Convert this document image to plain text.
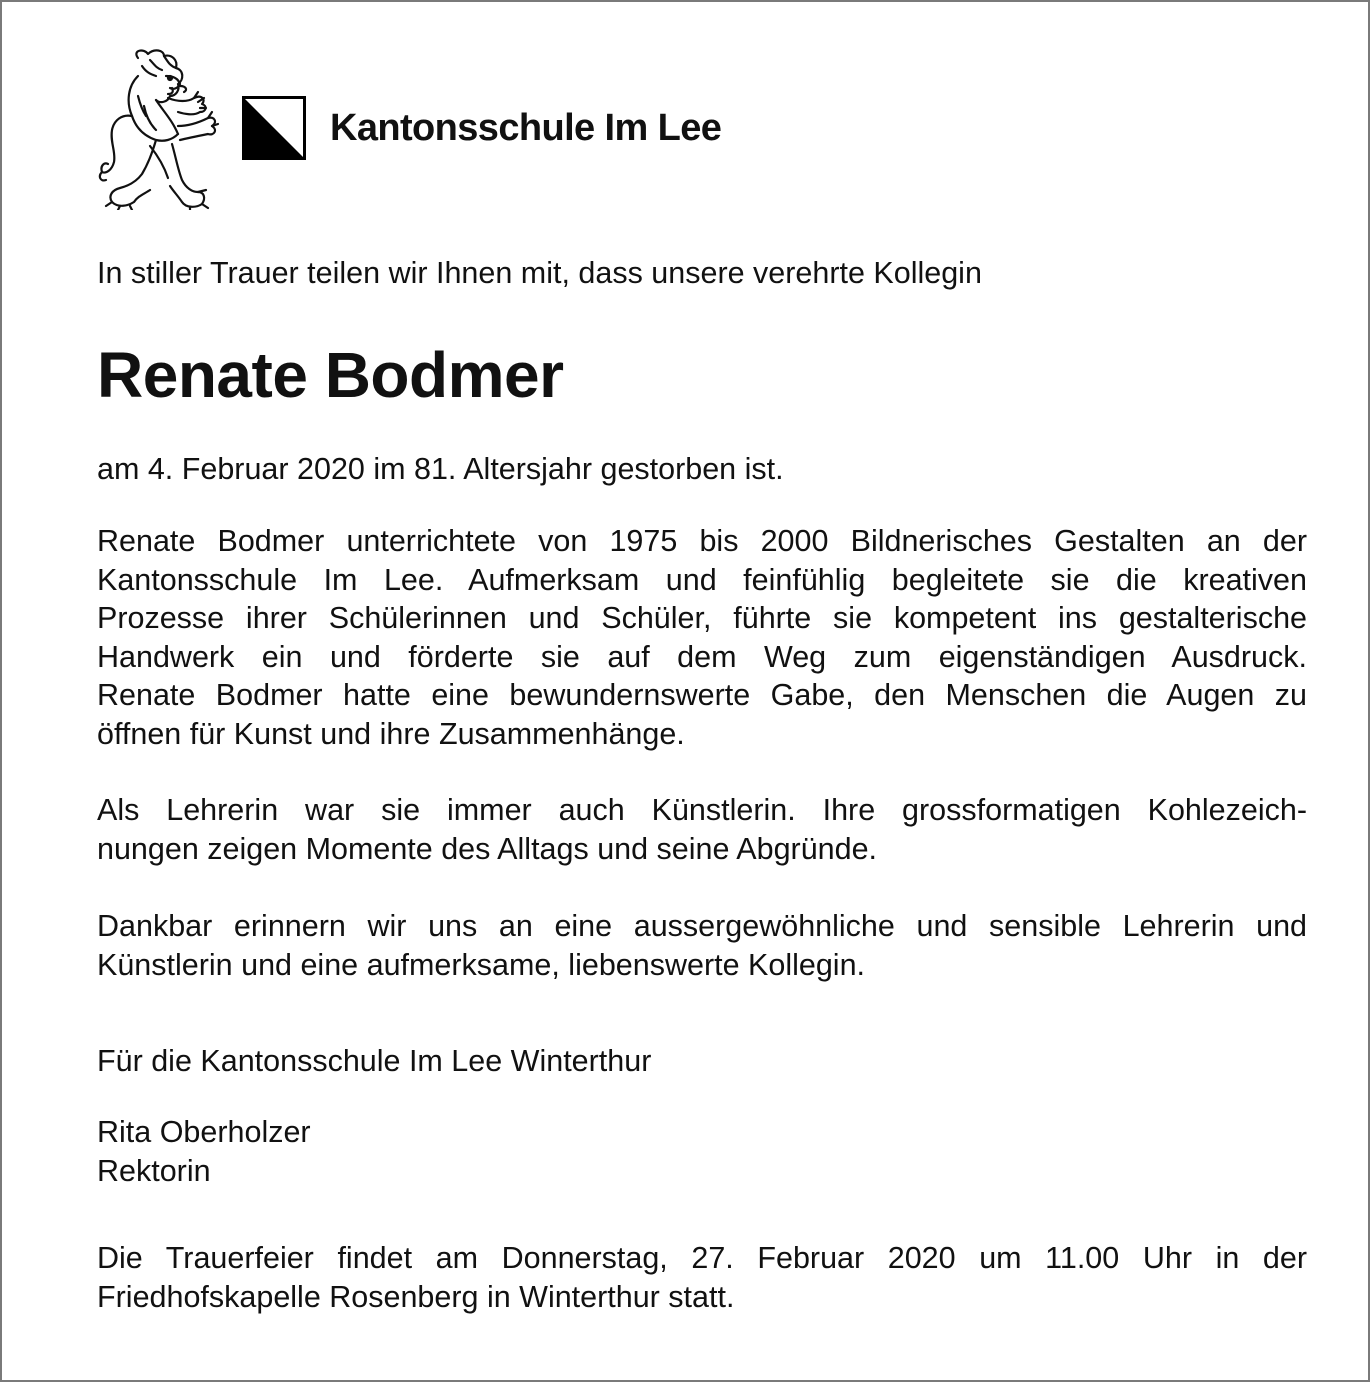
Kantonsschule Im Lee

In stiller Trauer teilen wir Ihnen mit, dass unsere verehrte Kollegin

Renate Bodmer

am 4. Februar 2020 im 81. Altersjahr gestorben ist.

Renate Bodmer unterrichtete von 1975 bis 2000 Bildnerisches Gestalten an der
Kantonsschule Im Lee. Aufmerksam und feinfühlig begleitete sie die kreativen
Prozesse ihrer Schülerinnen und Schüler, führte sie kompetent ins gestalterische
Handwerk ein und förderte sie auf dem Weg zum eigenständigen Ausdruck.
Renate Bodmer hatte eine bewundernswerte Gabe, den Menschen die Augen zu
öffnen für Kunst und ihre Zusammenhänge.

Als Lehrerin war sie immer auch Künstlerin. Ihre grossformatigen Kohlezeich-
nungen zeigen Momente des Alltags und seine Abgründe.

Dankbar erinnern wir uns an eine aussergewöhnliche und sensible Lehrerin und
Künstlerin und eine aufmerksame, liebenswerte Kollegin.

Für die Kantonsschule Im Lee Winterthur

Rita Oberholzer
Rektorin

Die Trauerfeier findet am Donnerstag, 27. Februar 2020 um 11.00 Uhr in der
Friedhofskapelle Rosenberg in Winterthur statt.
